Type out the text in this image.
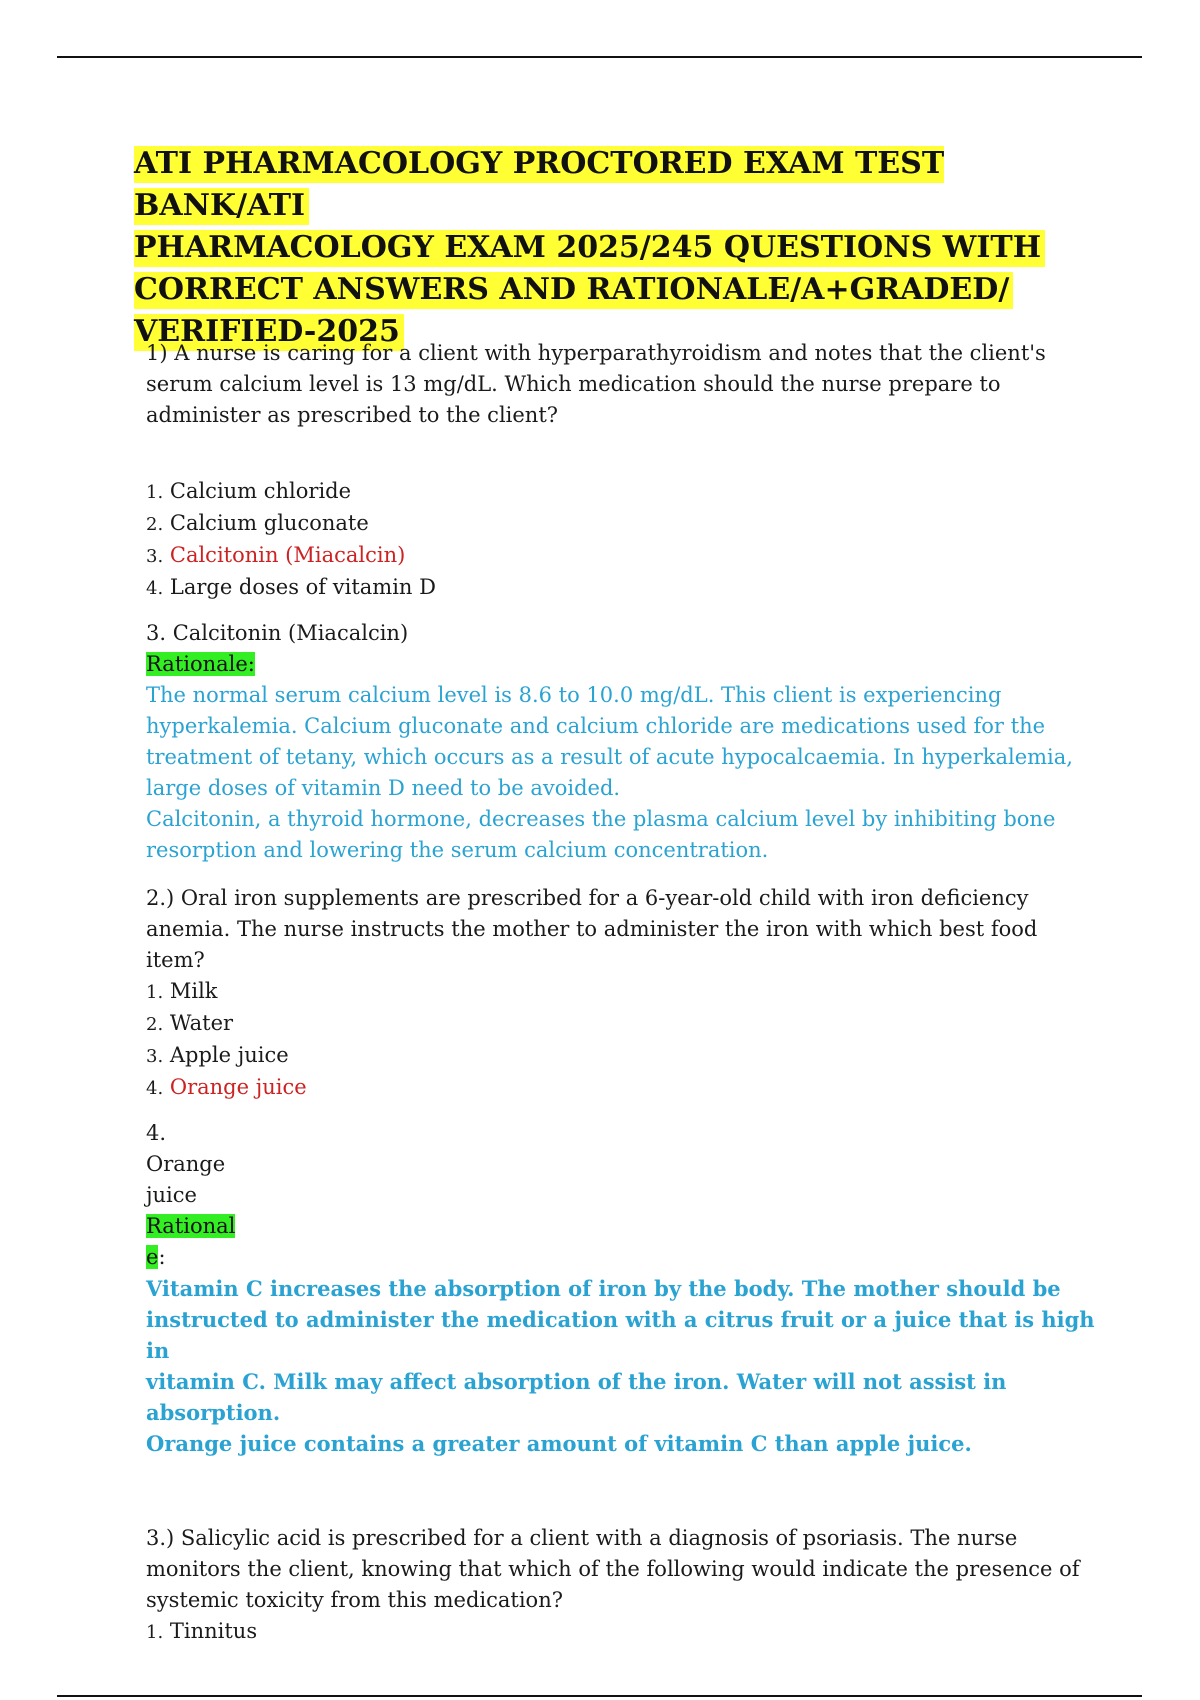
ATI PHARMACOLOGY PROCTORED EXAM TEST BANK/ATI
PHARMACOLOGY EXAM 2025/245 QUESTIONS WITH
CORRECT ANSWERS AND RATIONALE/A+GRADED/
VERIFIED-2025
1) A nurse is caring for a client with hyperparathyroidism and notes that the client's
serum calcium level is 13 mg/dL. Which medication should the nurse prepare to
administer as prescribed to the client?
1. Calcium chloride
2. Calcium gluconate
3. Calcitonin (Miacalcin)
4. Large doses of vitamin D
3. Calcitonin (Miacalcin)
Rationale:
The normal serum calcium level is 8.6 to 10.0 mg/dL. This client is experiencing
hyperkalemia. Calcium gluconate and calcium chloride are medications used for the
treatment of tetany, which occurs as a result of acute hypocalcaemia. In hyperkalemia,
large doses of vitamin D need to be avoided.
Calcitonin, a thyroid hormone, decreases the plasma calcium level by inhibiting bone
resorption and lowering the serum calcium concentration.
2.) Oral iron supplements are prescribed for a 6-year-old child with iron deficiency
anemia. The nurse instructs the mother to administer the iron with which best food
item?
1. Milk
2. Water
3. Apple juice
4. Orange juice
4.
Orange
juice
Rational
e:
Vitamin C increases the absorption of iron by the body. The mother should be
instructed to administer the medication with a citrus fruit or a juice that is high in
vitamin C. Milk may affect absorption of the iron. Water will not assist in absorption.
Orange juice contains a greater amount of vitamin C than apple juice.
3.) Salicylic acid is prescribed for a client with a diagnosis of psoriasis. The nurse
monitors the client, knowing that which of the following would indicate the presence of
systemic toxicity from this medication?
1. Tinnitus
